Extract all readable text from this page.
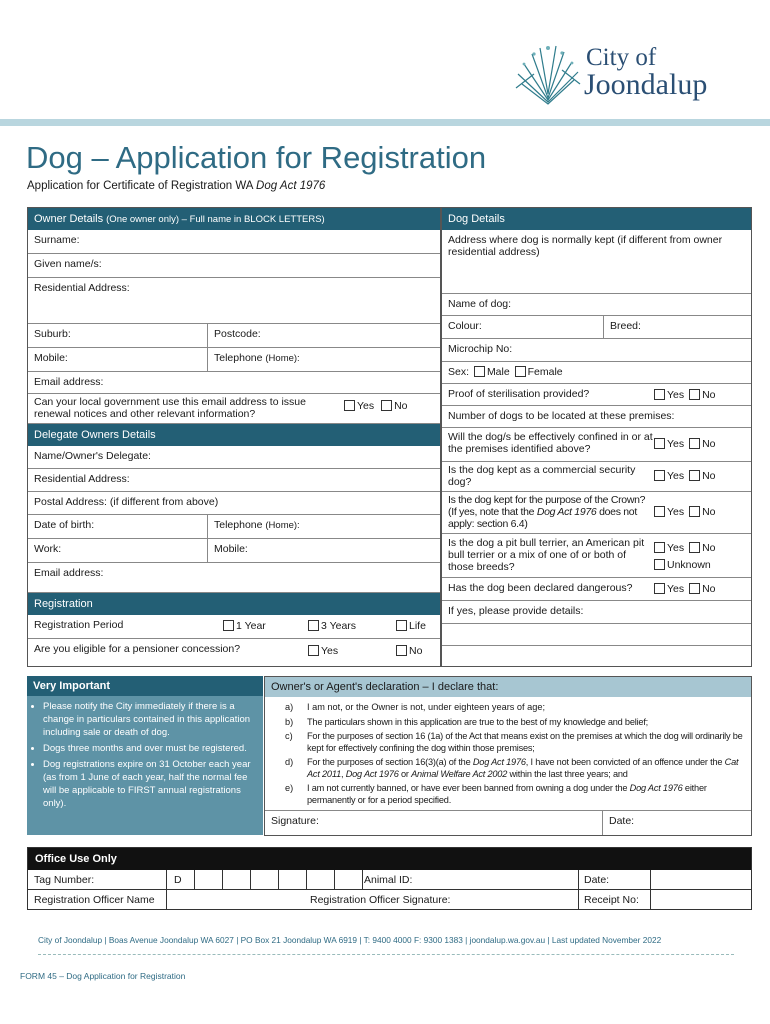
City of
Joondalup
Dog – Application for Registration
Application for Certificate of Registration WA Dog Act 1976
Owner Details (One owner only) – Full name in BLOCK LETTERS)
Surname:
Given name/s:
Residential Address:
Suburb:	Postcode:
Mobile:	Telephone (Home):
Email address:
Can your local government use this email address to issue renewal notices and other relevant information?
Yes No
Delegate Owners Details
Name/Owner's Delegate:
Residential Address:
Postal Address: (if different from above)
Date of birth:	Telephone (Home):
Work:	Mobile:
Email address:
Registration
Registration Period	1 Year	3 Years	Life
Are you eligible for a pensioner concession?	Yes	No
Dog Details
Address where dog is normally kept (if different from owner residential address)
Name of dog:
Colour:	Breed:
Microchip No:
Sex: Male Female
Proof of sterilisation provided?	Yes No
Number of dogs to be located at these premises:
Will the dog/s be effectively confined in or at the premises identified above?	Yes No
Is the dog kept as a commercial security dog?	Yes No
Is the dog kept for the purpose of the Crown? (If yes, note that the Dog Act 1976 does not apply: section 6.4)
Yes No
Is the dog a pit bull terrier, an American pit bull terrier or a mix of one of or both of those breeds?
Yes No
Unknown
Has the dog been declared dangerous?	Yes No
If yes, please provide details:
Very Important
• Please notify the City immediately if there is a change in particulars contained in this application including sale or death of dog.
• Dogs three months and over must be registered.
• Dog registrations expire on 31 October each year (as from 1 June of each year, half the normal fee will be applicable to FIRST annual registrations only).
Owner's or Agent's declaration – I declare that:
a)	I am not, or the Owner is not, under eighteen years of age;
b)	The particulars shown in this application are true to the best of my knowledge and belief;
c)	For the purposes of section 16 (1a) of the Act that means exist on the premises at which the dog will ordinarily be kept for effectively confining the dog within those premises;
d)	For the purposes of section 16(3)(a) of the Dog Act 1976, I have not been convicted of an offence under the Cat Act 2011, Dog Act 1976 or Animal Welfare Act 2002 within the last three years; and
e)	I am not currently banned, or have ever been banned from owning a dog under the Dog Act 1976 either permanently or for a period specified.
Signature:	Date:
Office Use Only
Tag Number:	D	Animal ID:	Date:
Registration Officer Name	Registration Officer Signature:	Receipt No:
City of Joondalup | Boas Avenue Joondalup WA 6027 | PO Box 21 Joondalup WA 6919 | T: 9400 4000 F: 9300 1383 | joondalup.wa.gov.au | Last updated November 2022
FORM 45 – Dog Application for Registration
